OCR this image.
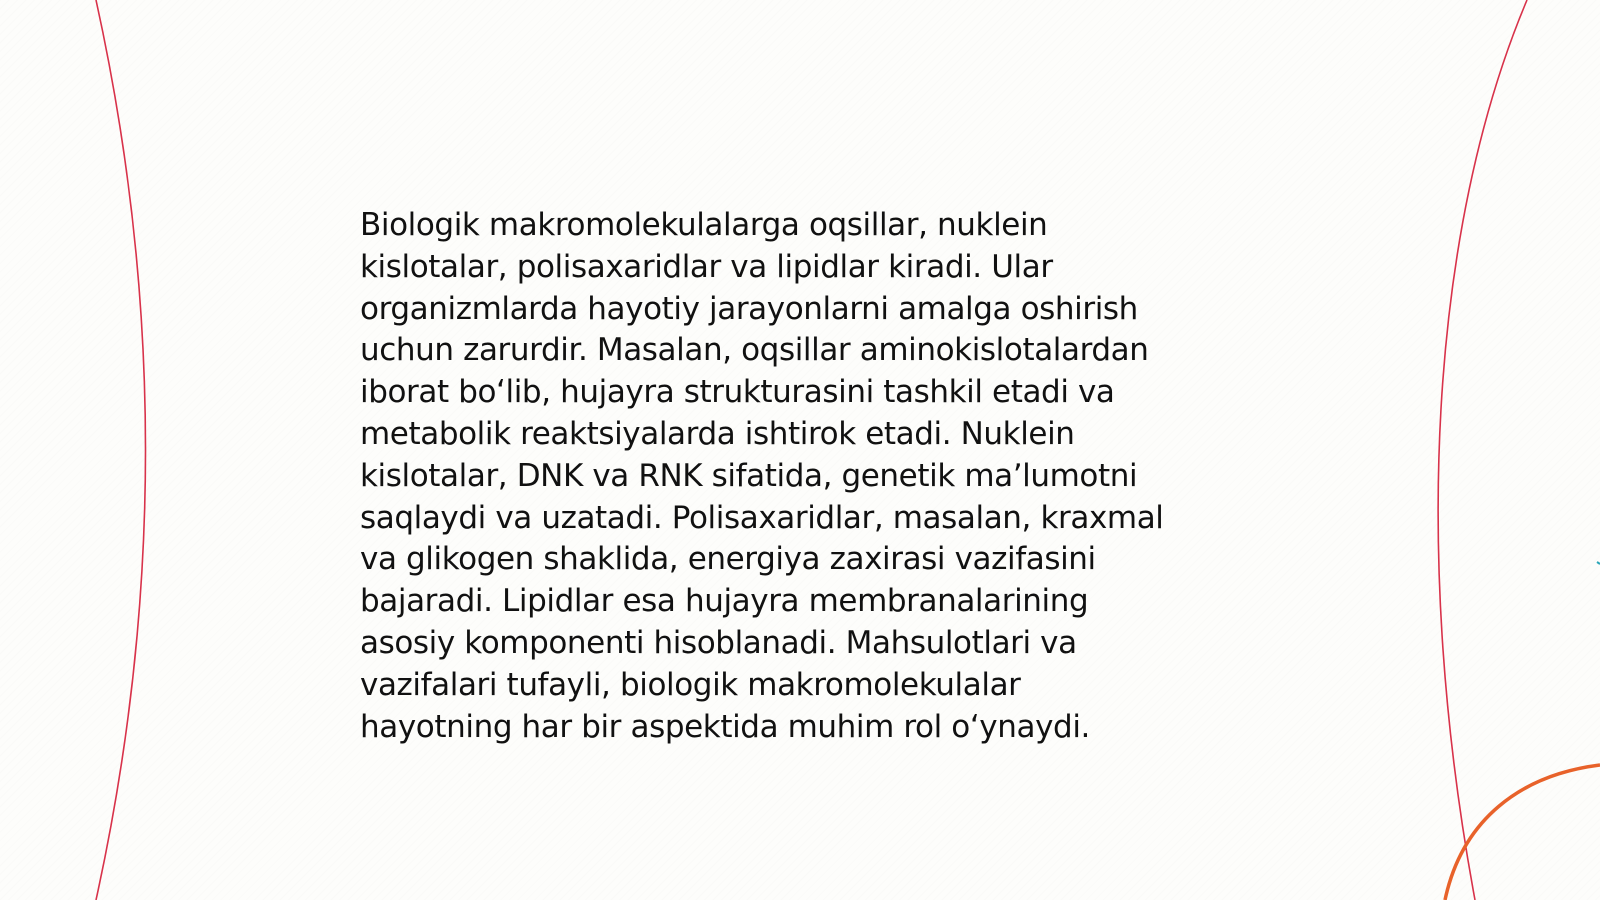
Biologik makromolekulalarga oqsillar, nuklein
kislotalar, polisaxaridlar va lipidlar kiradi. Ular
organizmlarda hayotiy jarayonlarni amalga oshirish
uchun zarurdir. Masalan, oqsillar aminokislotalardan
iborat bo‘lib, hujayra strukturasini tashkil etadi va
metabolik reaktsiyalarda ishtirok etadi. Nuklein
kislotalar, DNK va RNK sifatida, genetik ma’lumotni
saqlaydi va uzatadi. Polisaxaridlar, masalan, kraxmal
va glikogen shaklida, energiya zaxirasi vazifasini
bajaradi. Lipidlar esa hujayra membranalarining
asosiy komponenti hisoblanadi. Mahsulotlari va
vazifalari tufayli, biologik makromolekulalar
hayotning har bir aspektida muhim rol o‘ynaydi.
